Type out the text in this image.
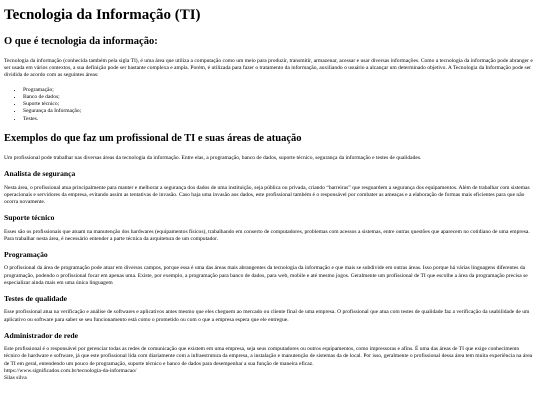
Tecnologia da Informação (TI)
O que é tecnologia da informação:

Tecnologia da informação (conhecida também pela sigla TI), é uma área que utiliza a computação como um meio para produzir, transmitir, armazenar, acessar e usar diversas informações. Como a tecnologia da informação pode abranger e ser usada em vários contextos, a sua definição pode ser bastante complexa e ampla. Porém, é utilizada para fazer o tratamento da informação, auxiliando o usuário a alcançar um determinado objetivo. A Tecnologia da Informação pode ser dividida de acordo com as seguintes áreas:

• Programação;
• Banco de dados;
• Suporte técnico;
• Segurança da Informação;
• Testes.
Exemplos do que faz um profissional de TI e suas áreas de atuação

Um profissional pode trabalhar nas diversas áreas da tecnologia da informação. Entre elas, a programação, banco de dados, suporte técnico, segurança da informação e testes de qualidades.

Analista de segurança

Nesta área, o profissional atua principalmente para manter e melhorar a segurança dos dados de uma instituição, seja pública ou privada, criando “barreiras” que resguardem a segurança dos equipamentos. Além de trabalhar com sistemas operacionais e servidores da empresa, evitando assim as tentativas de invasão. Caso haja uma invasão aos dados, este profissional também é o responsável por combater as ameaças e a elaboração de formas mais eficientes para que não ocorra novamente.

Suporte técnico

Esses são os profissionais que atuam na manutenção dos hardwares (equipamentos físicos), trabalhando em conserto de computadores, problemas com acessos a sistemas, entre outras questões que aparecem no cotidiano de uma empresa. Para trabalhar nesta área, é necessário entender a parte técnica da arquitetura de um computador.

Programação

O profissional da área de programação pode atuar em diversos campos, porque essa é uma das áreas mais abrangentes da tecnologia da informação e que mais se subdivide em outras áreas. Isso porque há várias linguagens diferentes da programação, podendo o profissional focar em apenas uma. Existe, por exemplo, a programação para banco de dados, para web, mobile e até mesmo jogos. Geralmente um profissional de TI que escolhe a área da programação precisa se especializar ainda mais em uma única linguagem

Testes de qualidade

Esse profissional atua na verificação e análise de softwares e aplicativos antes mesmo que eles cheguem ao mercado ou cliente final de uma empresa. O profissional que atua com testes de qualidade faz a verificação da usabilidade de um aplicativo ou software para saber se seu funcionamento está como o prometido ou com o que a empresa espera que ele entregue.

Administrador de rede

Este profissional é o responsável por gerenciar todas as redes de comunicação que existem em uma empresa, seja seus computadores ou outros equipamentos, como impressoras e afins. É uma das áreas de TI que exige conhecimento técnico de hardware e software, já que este profissional lida com diariamente com a infraestrutura da empresa, a instalação e manutenção de sistemas da de local. Por isso, geralmente o profissional dessa área tem muita experiência na área de TI em geral, entendendo um pouco de programação, suporte técnico e banco de dados para desempenhar a sua função de maneira eficaz.

https://www.significados.com.br/tecnologia-da-informacao/
Silas silva
